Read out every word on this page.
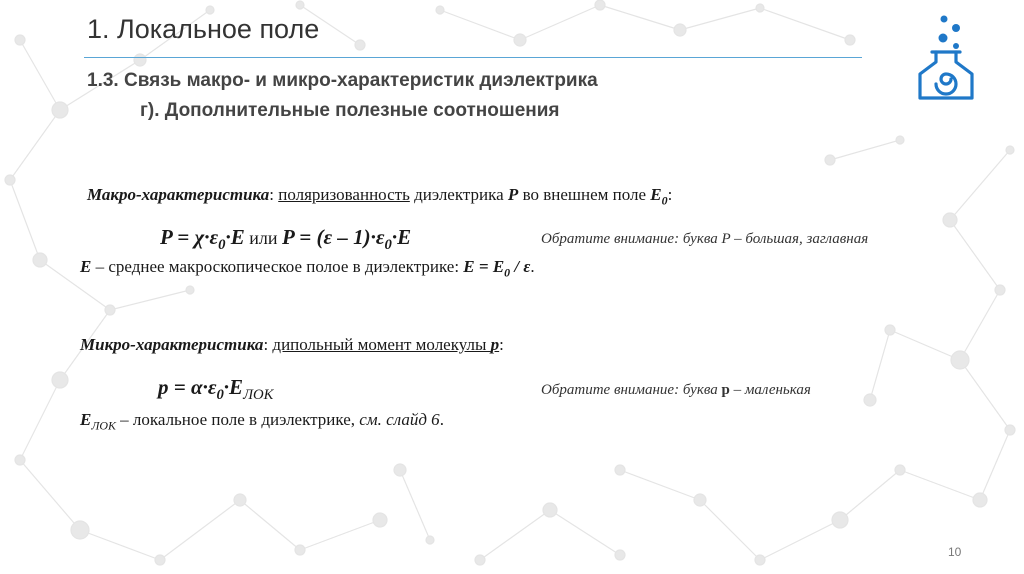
1. Локальное поле
1.3. Связь макро- и микро-характеристик диэлектрика
г). Дополнительные полезные соотношения
Макро-характеристика: поляризованность диэлектрика P во внешнем поле $E_0$:
$P = \chi\cdot\varepsilon_0\cdot E$ или $P = (\varepsilon - 1)\cdot\varepsilon_0\cdot E$	Обратите внимание: буква P – большая, заглавная
E – среднее макроскопическое полое в диэлектрике: $E = E_0 / \varepsilon$.
Микро-характеристика: дипольный момент молекулы p:
$p = \alpha\cdot\varepsilon_0\cdot E_{ЛОК}$	Обратите внимание: буква p – маленькая
$E_{ЛОК}$ – локальное поле в диэлектрике, см. слайд 6.
10
